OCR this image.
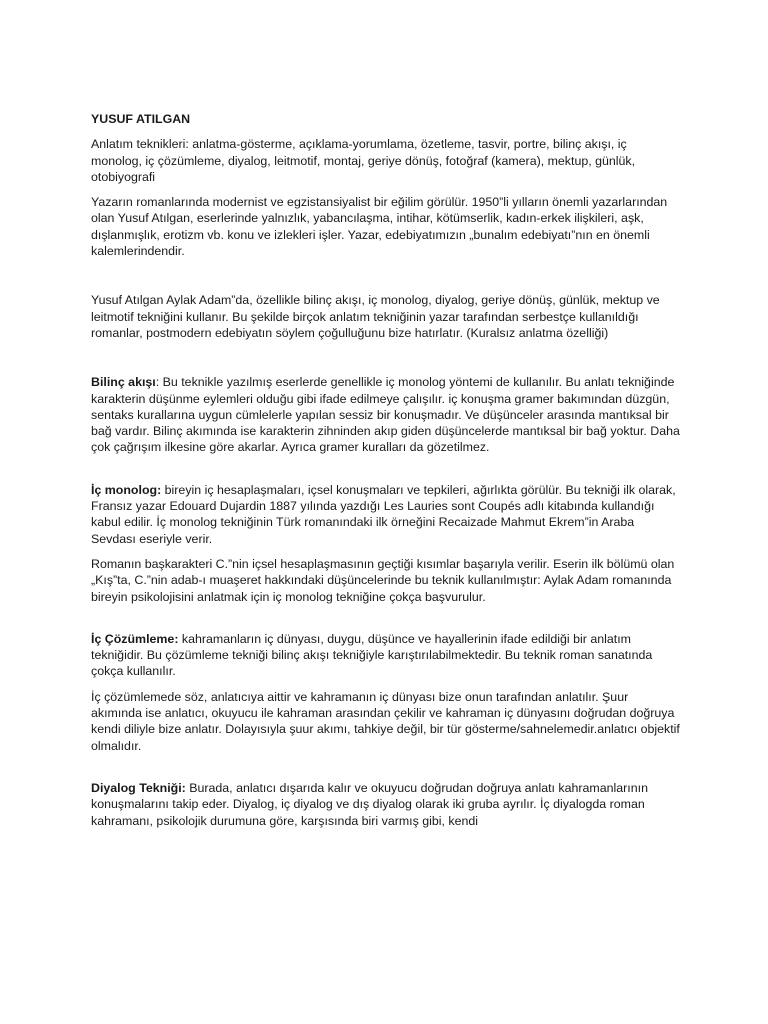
YUSUF ATILGAN

Anlatım teknikleri: anlatma-gösterme, açıklama-yorumlama, özetleme, tasvir, portre, bilinç akışı, iç monolog, iç çözümleme, diyalog, leitmotif, montaj, geriye dönüş, fotoğraf (kamera), mektup, günlük, otobiyografi

Yazarın romanlarında modernist ve egzistansiyalist bir eğilim görülür. 1950”li yılların önemli yazarlarından olan Yusuf Atılgan, eserlerinde yalnızlık, yabancılaşma, intihar, kötümserlik, kadın-erkek ilişkileri, aşk, dışlanmışlık, erotizm vb. konu ve izlekleri işler. Yazar, edebiyatımızın „bunalım edebiyatı”nın en önemli kalemlerindendir.

Yusuf Atılgan Aylak Adam”da, özellikle bilinç akışı, iç monolog, diyalog, geriye dönüş, günlük, mektup ve leitmotif tekniğini kullanır. Bu şekilde birçok anlatım tekniğinin yazar tarafından serbestçe kullanıldığı romanlar, postmodern edebiyatın söylem çoğulluğunu bize hatırlatır. (Kuralsız anlatma özelliği)

Bilinç akışı: Bu teknikle yazılmış eserlerde genellikle iç monolog yöntemi de kullanılır. Bu anlatı tekniğinde karakterin düşünme eylemleri olduğu gibi ifade edilmeye çalışılır. iç konuşma gramer bakımından düzgün, sentaks kurallarına uygun cümlelerle yapılan sessiz bir konuşmadır. Ve düşünceler arasında mantıksal bir bağ vardır. Bilinç akımında ise karakterin zihninden akıp giden düşüncelerde mantıksal bir bağ yoktur. Daha çok çağrışım ilkesine göre akarlar. Ayrıca gramer kuralları da gözetilmez.

İç monolog: bireyin iç hesaplaşmaları, içsel konuşmaları ve tepkileri, ağırlıkta görülür. Bu tekniği ilk olarak, Fransız yazar Edouard Dujardin 1887 yılında yazdığı Les Lauries sont Coupés adlı kitabında kullandığı kabul edilir. İç monolog tekniğinin Türk romanındaki ilk örneğini Recaizade Mahmut Ekrem”in Araba Sevdası eseriyle verir.

Romanın başkarakteri C.”nin içsel hesaplaşmasının geçtiği kısımlar başarıyla verilir. Eserin ilk bölümü olan „Kış”ta, C.”nin adab-ı muaşeret hakkındaki düşüncelerinde bu teknik kullanılmıştır: Aylak Adam romanında bireyin psikolojisini anlatmak için iç monolog tekniğine çokça başvurulur.

İç Çözümleme: kahramanların iç dünyası, duygu, düşünce ve hayallerinin ifade edildiği bir anlatım tekniğidir. Bu çözümleme tekniği bilinç akışı tekniğiyle karıştırılabilmektedir. Bu teknik roman sanatında çokça kullanılır.

İç çözümlemede söz, anlatıcıya aittir ve kahramanın iç dünyası bize onun tarafından anlatılır. Şuur akımında ise anlatıcı, okuyucu ile kahraman arasından çekilir ve kahraman iç dünyasını doğrudan doğruya kendi diliyle bize anlatır. Dolayısıyla şuur akımı, tahkiye değil, bir tür gösterme/sahnelemedir.anlatıcı objektif olmalıdır.

Diyalog Tekniği: Burada, anlatıcı dışarıda kalır ve okuyucu doğrudan doğruya anlatı kahramanlarının konuşmalarını takip eder. Diyalog, iç diyalog ve dış diyalog olarak iki gruba ayrılır. İç diyalogda roman kahramanı, psikolojik durumuna göre, karşısında biri varmış gibi, kendi
